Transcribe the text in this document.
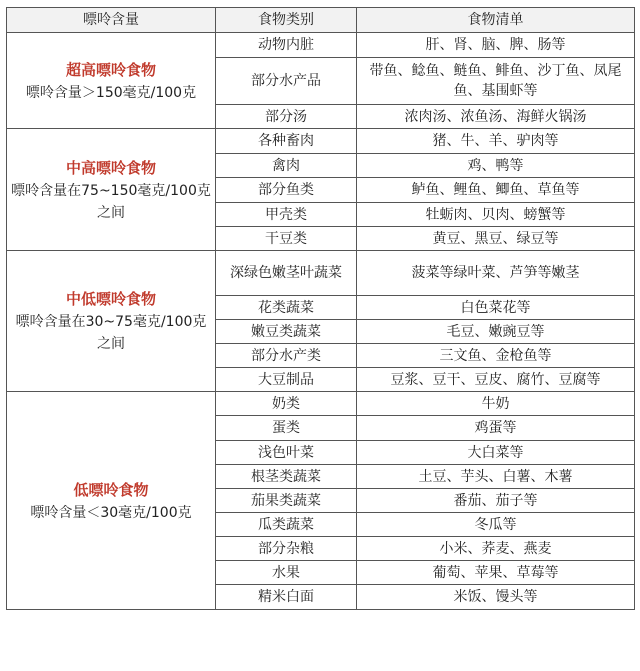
嘌呤含量	食物类别	食物清单

超高嘌呤食物
嘌呤含量＞150毫克/100克	动物内脏	肝、肾、脑、脾、肠等
	部分水产品	带鱼、鲶鱼、鲢鱼、鲱鱼、沙丁鱼、凤尾鱼、基围虾等
	部分汤	浓肉汤、浓鱼汤、海鲜火锅汤

中高嘌呤食物
嘌呤含量在75~150毫克/100克之间	各种畜肉	猪、牛、羊、驴肉等
	禽肉	鸡、鸭等
	部分鱼类	鲈鱼、鲤鱼、鲫鱼、草鱼等
	甲壳类	牡蛎肉、贝肉、螃蟹等
	干豆类	黄豆、黑豆、绿豆等

中低嘌呤食物
嘌呤含量在30~75毫克/100克之间	深绿色嫩茎叶蔬菜	菠菜等绿叶菜、芦笋等嫩茎
	花类蔬菜	白色菜花等
	嫩豆类蔬菜	毛豆、嫩豌豆等
	部分水产类	三文鱼、金枪鱼等
	大豆制品	豆浆、豆干、豆皮、腐竹、豆腐等

低嘌呤食物
嘌呤含量＜30毫克/100克	奶类	牛奶
	蛋类	鸡蛋等
	浅色叶菜	大白菜等
	根茎类蔬菜	土豆、芋头、白薯、木薯
	茄果类蔬菜	番茄、茄子等
	瓜类蔬菜	冬瓜等
	部分杂粮	小米、荞麦、燕麦
	水果	葡萄、苹果、草莓等
	精米白面	米饭、馒头等
